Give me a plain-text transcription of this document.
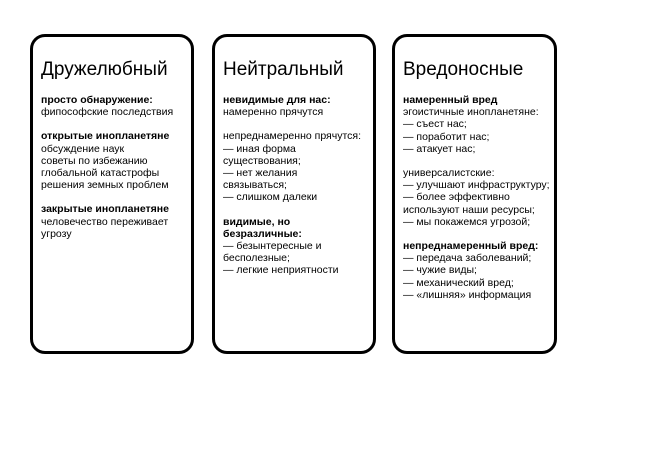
Дружелюбный
просто обнаружение:
фипософские последствия
открытые инопланетяне
обсуждение наук
советы по избежанию
глобальной катастрофы
решения земных проблем
закрытые инопланетяне
человечество переживает
угрозу
Нейтральный
невидимые для нас:
намеренно прячутся
непреднамеренно прячутся:
— иная форма
существования;
— нет желания
связываться;
— слишком далеки
видимые, но
безразличные:
— безынтересные и
бесполезные;
— легкие неприятности
Вредоносные
намеренный вред
эгоистичные инопланетяне:
— съест нас;
— поработит нас;
— атакует нас;
универсалистские:
— улучшают инфраструктуру;
— более эффективно
используют наши ресурсы;
— мы покажемся угрозой;
непреднамеренный вред:
— передача заболеваний;
— чужие виды;
— механический вред;
— «лишняя» информация
